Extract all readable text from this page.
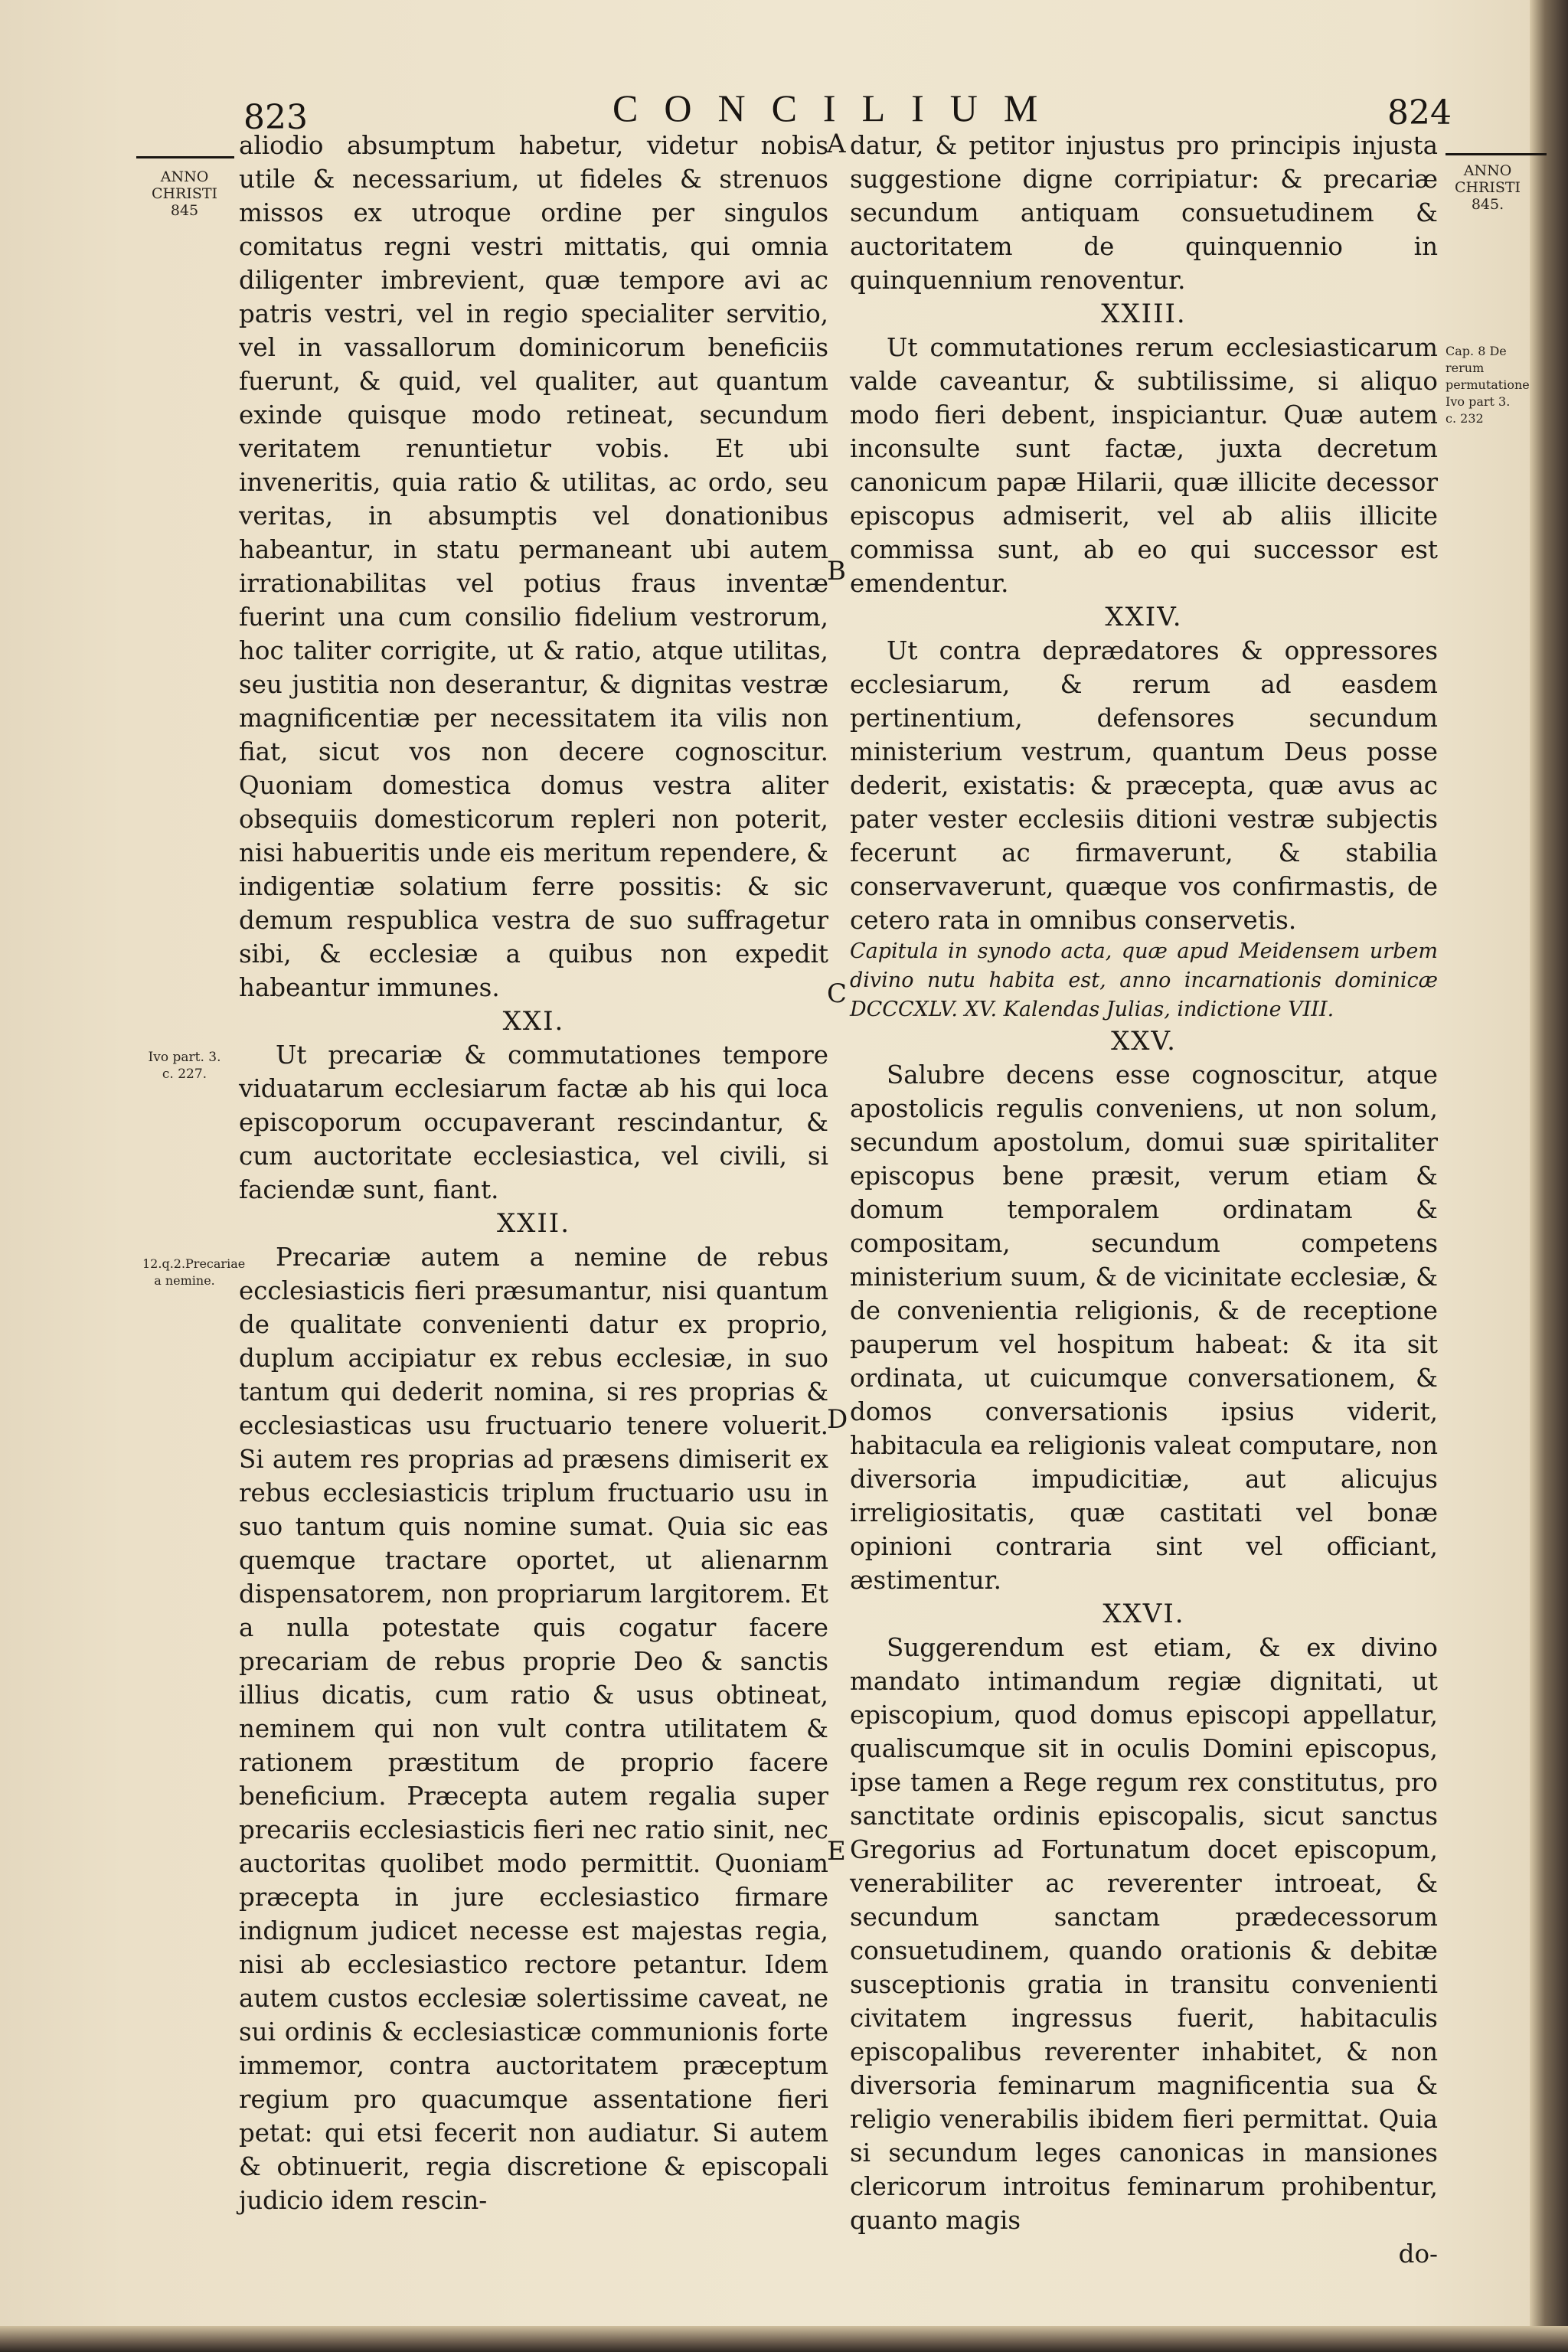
823	CONCILIUM	824
ANNO
CHRISTI
845
Ivo part. 3. c. 227.
12.q.2.Precariae a nemine.
ANNO
CHRISTI
845.
Cap. 8 De rerum permutatione Ivo part 3. c. 232
A
B
C
D
E

aliodio absumptum habetur, videtur nobis utile & necessarium, ut fideles & strenuos missos ex utroque ordine per singulos comitatus regni vestri mittatis, qui omnia diligenter imbrevient, quæ tempore avi ac patris vestri, vel in regio specialiter servitio, vel in vassallorum dominicorum beneficiis fuerunt, & quid, vel qualiter, aut quantum exinde quisque modo retineat, secundum veritatem renuntietur vobis. Et ubi inveneritis, quia ratio & utilitas, ac ordo, seu veritas, in absumptis vel donationibus habeantur, in statu permaneant ubi autem irrationabilitas vel potius fraus inventæ fuerint una cum consilio fidelium vestrorum, hoc taliter corrigite, ut & ratio, atque utilitas, seu justitia non deserantur, & dignitas vestræ magnificentiæ per necessitatem ita vilis non fiat, sicut vos non decere cognoscitur. Quoniam domestica domus vestra aliter obsequiis domesticorum repleri non poterit, nisi habueritis unde eis meritum rependere, & indigentiæ solatium ferre possitis: & sic demum respublica vestra de suo suffragetur sibi, & ecclesiæ a quibus non expedit habeantur immunes.

XXI.

Ut precariæ & commutationes tempore viduatarum ecclesiarum factæ ab his qui loca episcoporum occupaverant rescindantur, & cum auctoritate ecclesiastica, vel civili, si faciendæ sunt, fiant.

XXII.

Precariæ autem a nemine de rebus ecclesiasticis fieri præsumantur, nisi quantum de qualitate convenienti datur ex proprio, duplum accipiatur ex rebus ecclesiæ, in suo tantum qui dederit nomina, si res proprias & ecclesiasticas usu fructuario tenere voluerit. Si autem res proprias ad præsens dimiserit ex rebus ecclesiasticis triplum fructuario usu in suo tantum quis nomine sumat. Quia sic eas quemque tractare oportet, ut alienarnm dispensatorem, non propriarum largitorem. Et a nulla potestate quis cogatur facere precariam de rebus proprie Deo & sanctis illius dicatis, cum ratio & usus obtineat, neminem qui non vult contra utilitatem & rationem præstitum de proprio facere beneficium. Præcepta autem regalia super precariis ecclesiasticis fieri nec ratio sinit, nec auctoritas quolibet modo permittit. Quoniam præcepta in jure ecclesiastico firmare indignum judicet necesse est majestas regia, nisi ab ecclesiastico rectore petantur. Idem autem custos ecclesiæ solertissime caveat, ne sui ordinis & ecclesiasticæ communionis forte immemor, contra auctoritatem præceptum regium pro quacumque assentatione fieri petat: qui etsi fecerit non audiatur. Si autem & obtinuerit, regia discretione & episcopali judicio idem rescin-

datur, & petitor injustus pro principis injusta suggestione digne corripiatur: & precariæ secundum antiquam consuetudinem & auctoritatem de quinquennio in quinquennium renoventur.

XXIII.

Ut commutationes rerum ecclesiasticarum valde caveantur, & subtilissime, si aliquo modo fieri debent, inspiciantur. Quæ autem inconsulte sunt factæ, juxta decretum canonicum papæ Hilarii, quæ illicite decessor episcopus admiserit, vel ab aliis illicite commissa sunt, ab eo qui successor est emendentur.

XXIV.

Ut contra deprædatores & oppressores ecclesiarum, & rerum ad easdem pertinentium, defensores secundum ministerium vestrum, quantum Deus posse dederit, existatis: & præcepta, quæ avus ac pater vester ecclesiis ditioni vestræ subjectis fecerunt ac firmaverunt, & stabilia conservaverunt, quæque vos confirmastis, de cetero rata in omnibus conservetis.

Capitula in synodo acta, quæ apud Meidensem urbem divino nutu habita est, anno incarnationis dominicæ DCCCXLV. XV. Kalendas Julias, indictione VIII.

XXV.

Salubre decens esse cognoscitur, atque apostolicis regulis conveniens, ut non solum, secundum apostolum, domui suæ spiritaliter episcopus bene præsit, verum etiam & domum temporalem ordinatam & compositam, secundum competens ministerium suum, & de vicinitate ecclesiæ, & de convenientia religionis, & de receptione pauperum vel hospitum habeat: & ita sit ordinata, ut cuicumque conversationem, & domos conversationis ipsius viderit, habitacula ea religionis valeat computare, non diversoria impudicitiæ, aut alicujus irreligiositatis, quæ castitati vel bonæ opinioni contraria sint vel officiant, æstimentur.

XXVI.

Suggerendum est etiam, & ex divino mandato intimandum regiæ dignitati, ut episcopium, quod domus episcopi appellatur, qualiscumque sit in oculis Domini episcopus, ipse tamen a Rege regum rex constitutus, pro sanctitate ordinis episcopalis, sicut sanctus Gregorius ad Fortunatum docet episcopum, venerabiliter ac reverenter introeat, & secundum sanctam prædecessorum consuetudinem, quando orationis & debitæ susceptionis gratia in transitu convenienti civitatem ingressus fuerit, habitaculis episcopalibus reverenter inhabitet, & non diversoria feminarum magnificentia sua & religio venerabilis ibidem fieri permittat. Quia si secundum leges canonicas in mansiones clericorum introitus feminarum prohibentur, quanto magis

do-
